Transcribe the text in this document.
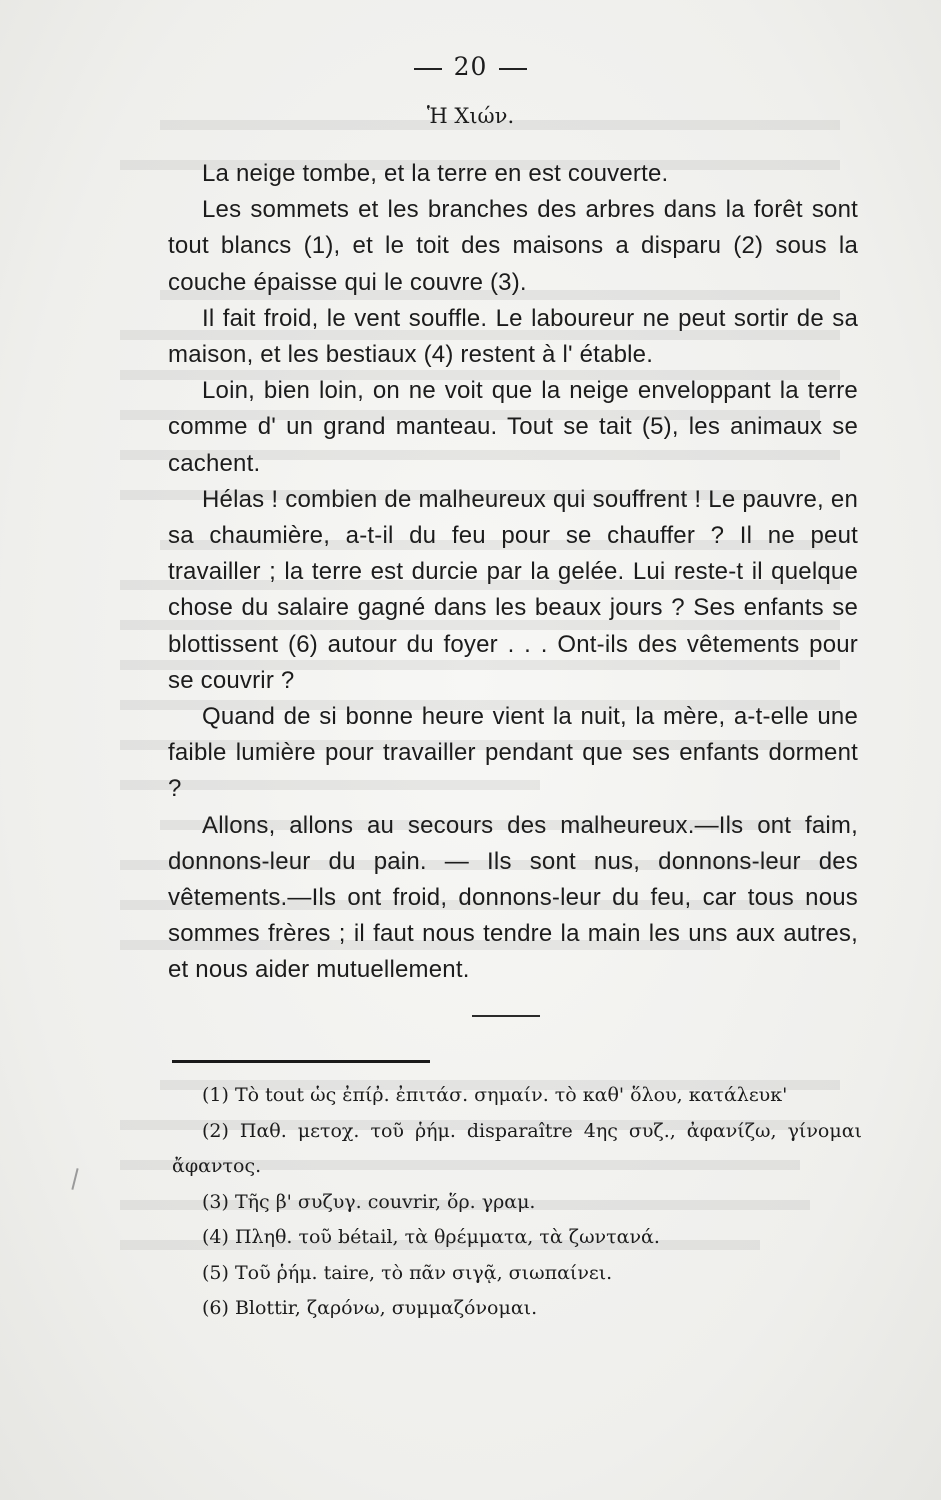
20
Ἡ Χιών.

La neige tombe, et la terre en est couverte.

Les sommets et les branches des arbres dans la forêt sont tout blancs (1), et le toit des maisons a disparu (2) sous la couche épaisse qui le couvre (3).

Il fait froid, le vent souffle. Le laboureur ne peut sortir de sa maison, et les bestiaux (4) restent à l' étable.

Loin, bien loin, on ne voit que la neige enveloppant la terre comme d' un grand manteau. Tout se tait (5), les animaux se cachent.

Hélas ! combien de malheureux qui souffrent ! Le pauvre, en sa chaumière, a-t-il du feu pour se chauffer ? Il ne peut travailler ; la terre est durcie par la gelée. Lui reste-t il quelque chose du salaire gagné dans les beaux jours ? Ses enfants se blottissent (6) autour du foyer . . . Ont-ils des vêtements pour se couvrir ?

Quand de si bonne heure vient la nuit, la mère, a-t-elle une faible lumière pour travailler pendant que ses enfants dorment ?

Allons, allons au secours des malheureux.—Ils ont faim, donnons-leur du pain. — Ils sont nus, donnons-leur des vêtements.—Ils ont froid, donnons-leur du feu, car tous nous sommes frères ; il faut nous tendre la main les uns aux autres, et nous aider mutuellement.

(1) Τὸ tout ὡς ἐπίῤ. ἐπιτάσ. σημαίν. τὸ καθ' ὅλου, κατάλευκ'

(2) Παθ. μετοχ. τοῦ ῥήμ. disparaître 4ης συζ., ἀφανίζω, γίνομαι ἄφαντος.

(3) Τῆς β' συζυγ. couvrir, ὅρ. γραμ.

(4) Πληθ. τοῦ bétail, τὰ θρέμματα, τὰ ζωντανά.

(5) Τοῦ ῥήμ. taire, τὸ πᾶν σιγᾷ, σιωπαίνει.

(6) Blottir, ζαρόνω, συμμαζόνομαι.
